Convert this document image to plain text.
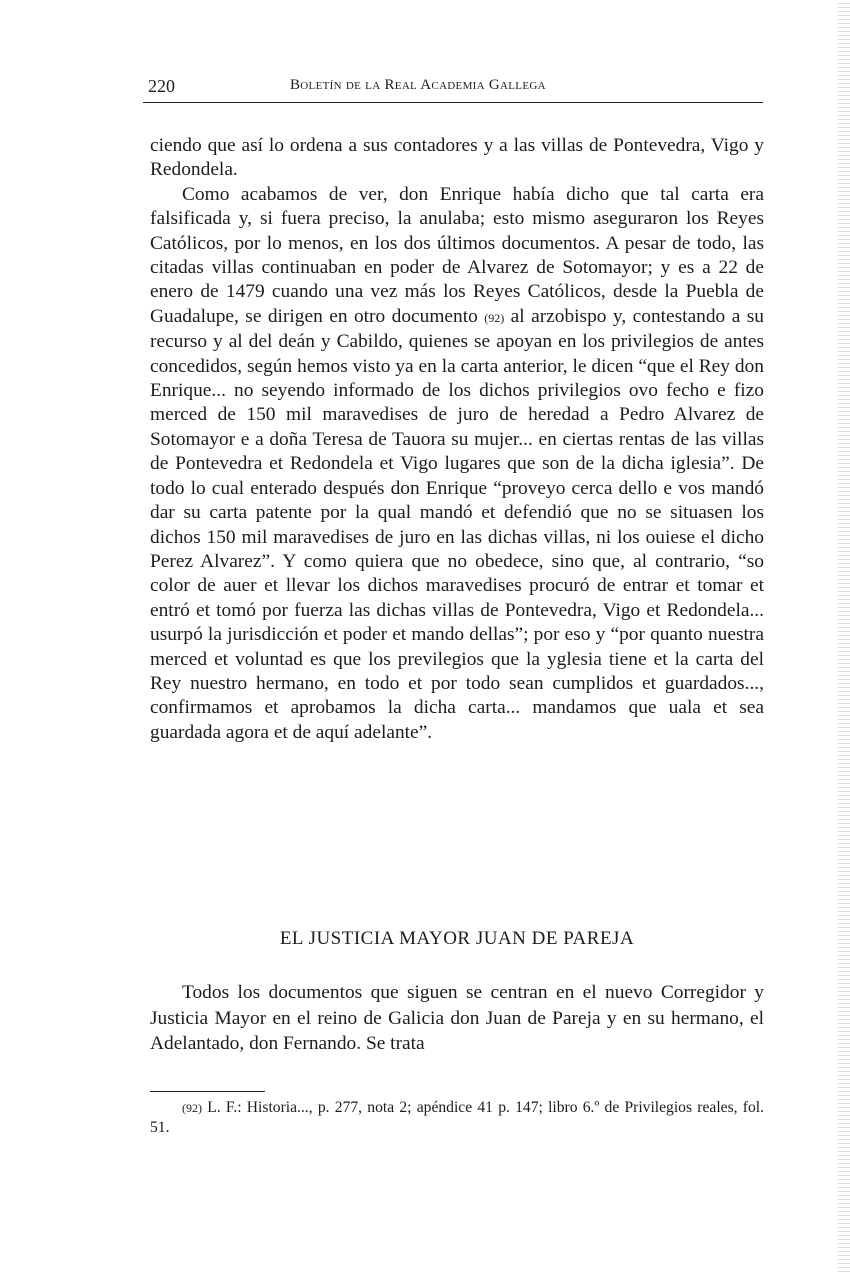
220	Boletín de la Real Academia Gallega

ciendo que así lo ordena a sus contadores y a las villas de Pontevedra, Vigo y Redondela.

Como acabamos de ver, don Enrique había dicho que tal carta era falsificada y, si fuera preciso, la anulaba; esto mismo aseguraron los Reyes Católicos, por lo menos, en los dos últimos documentos. A pesar de todo, las citadas villas continuaban en poder de Alvarez de Sotomayor; y es a 22 de enero de 1479 cuando una vez más los Reyes Católicos, desde la Puebla de Guadalupe, se dirigen en otro documento (92) al arzobispo y, contestando a su recurso y al del deán y Cabildo, quienes se apoyan en los privilegios de antes concedidos, según hemos visto ya en la carta anterior, le dicen “que el Rey don Enrique... no seyendo informado de los dichos privilegios ovo fecho e fizo merced de 150 mil maravedises de juro de heredad a Pedro Alvarez de Sotomayor e a doña Teresa de Tauora su mujer... en ciertas rentas de las villas de Pontevedra et Redondela et Vigo lugares que son de la dicha iglesia”. De todo lo cual enterado después don Enrique “proveyo cerca dello e vos mandó dar su carta patente por la qual mandó et defendió que no se situasen los dichos 150 mil maravedises de juro en las dichas villas, ni los ouiese el dicho Perez Alvarez”. Y como quiera que no obedece, sino que, al contrario, “so color de auer et llevar los dichos maravedises procuró de entrar et tomar et entró et tomó por fuerza las dichas villas de Pontevedra, Vigo et Redondela... usurpó la jurisdicción et poder et mando dellas”; por eso y “por quanto nuestra merced et voluntad es que los previlegios que la yglesia tiene et la carta del Rey nuestro hermano, en todo et por todo sean cumplidos et guardados..., confirmamos et aprobamos la dicha carta... mandamos que uala et sea guardada agora et de aquí adelante”.

EL JUSTICIA MAYOR JUAN DE PAREJA

Todos los documentos que siguen se centran en el nuevo Corregidor y Justicia Mayor en el reino de Galicia don Juan de Pareja y en su hermano, el Adelantado, don Fernando. Se trata

(92) L. F.: Historia..., p. 277, nota 2; apéndice 41 p. 147; libro 6.º de Privilegios reales, fol. 51.
